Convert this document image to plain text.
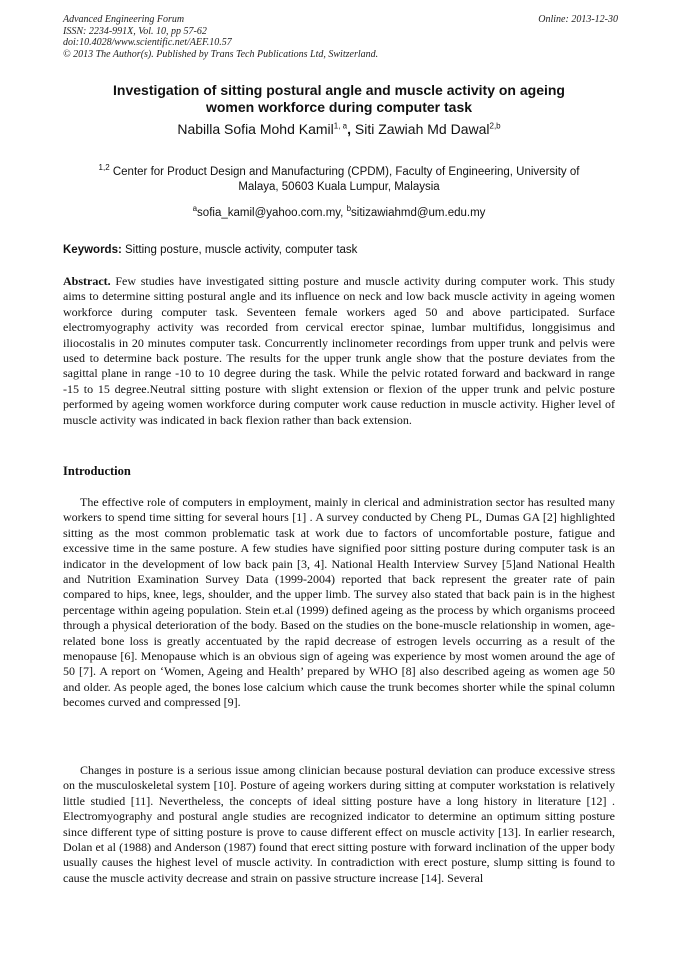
Advanced Engineering Forum
ISSN: 2234-991X, Vol. 10, pp 57-62
doi:10.4028/www.scientific.net/AEF.10.57
© 2013 The Author(s). Published by Trans Tech Publications Ltd, Switzerland.
Online: 2013-12-30
Investigation of sitting postural angle and muscle activity on ageing
women workforce during computer task
Nabilla Sofia Mohd Kamil$^{1, a}$, Siti Zawiah Md Dawal$^{2,b}$
$^{1,2}$ Center for Product Design and Manufacturing (CPDM), Faculty of Engineering, University of
Malaya, 50603 Kuala Lumpur, Malaysia
$^a$sofia_kamil@yahoo.com.my, $^b$sitizawiahmd@um.edu.my
Keywords: Sitting posture, muscle activity, computer task

Abstract. Few studies have investigated sitting posture and muscle activity during computer work. This study aims to determine sitting postural angle and its influence on neck and low back muscle activity in ageing women workforce during computer task. Seventeen female workers aged 50 and above participated. Surface electromyography activity was recorded from cervical erector spinae, lumbar multifidus, longgisimus and iliocostalis in 20 minutes computer task. Concurrently inclinometer recordings from upper trunk and pelvis were used to determine back posture. The results for the upper trunk angle show that the posture deviates from the sagittal plane in range -10 to 10 degree during the task. While the pelvic rotated forward and backward in range -15 to 15 degree.Neutral sitting posture with slight extension or flexion of the upper trunk and pelvic posture performed by ageing women workforce during computer work cause reduction in muscle activity. Higher level of muscle activity was indicated in back flexion rather than back extension.

Introduction

The effective role of computers in employment, mainly in clerical and administration sector has resulted many workers to spend time sitting for several hours [1] . A survey conducted by Cheng PL, Dumas GA [2] highlighted sitting as the most common problematic task at work due to factors of uncomfortable posture, fatigue and excessive time in the same posture. A few studies have signified poor sitting posture during computer task is an indicator in the development of low back pain [3, 4]. National Health Interview Survey [5]and National Health and Nutrition Examination Survey Data (1999-2004) reported that back represent the greater rate of pain compared to hips, knee, legs, shoulder, and the upper limb. The survey also stated that back pain is in the highest percentage within ageing population. Stein et.al (1999) defined ageing as the process by which organisms proceed through a physical deterioration of the body. Based on the studies on the bone-muscle relationship in women, age-related bone loss is greatly accentuated by the rapid decrease of estrogen levels occurring as a result of the menopause [6]. Menopause which is an obvious sign of ageing was experience by most women around the age of 50 [7]. A report on ‘Women, Ageing and Health’ prepared by WHO [8] also described ageing as women age 50 and older. As people aged, the bones lose calcium which cause the trunk becomes shorter while the spinal column becomes curved and compressed [9].

Changes in posture is a serious issue among clinician because postural deviation can produce excessive stress on the musculoskeletal system [10]. Posture of ageing workers during sitting at computer workstation is relatively little studied [11]. Nevertheless, the concepts of ideal sitting posture have a long history in literature [12] . Electromyography and postural angle studies are recognized indicator to determine an optimum sitting posture since different type of sitting posture is prove to cause different effect on muscle activity [13]. In earlier research, Dolan et al (1988) and Anderson (1987) found that erect sitting posture with forward inclination of the upper body usually causes the highest level of muscle activity. In contradiction with erect posture, slump sitting is found to cause the muscle activity decrease and strain on passive structure increase [14]. Several
